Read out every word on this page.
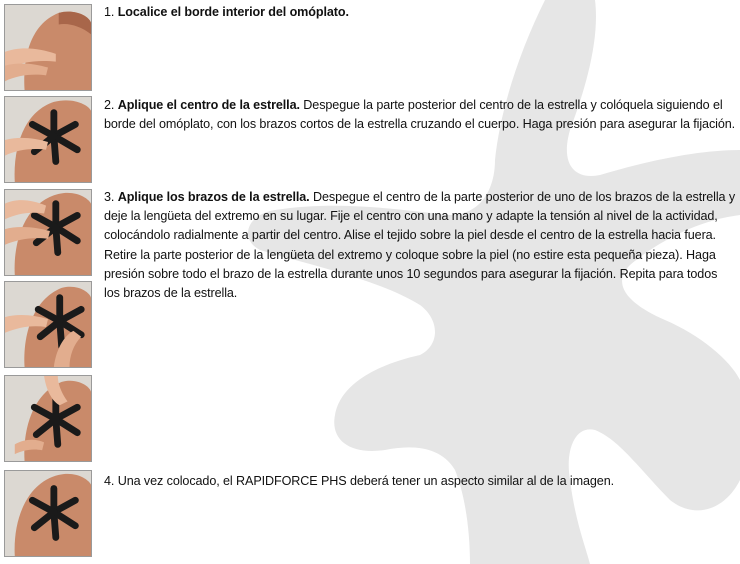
1. Localice el borde interior del omóplato.
2. Aplique el centro de la estrella. Despegue la parte posterior del centro de la estrella y colóquela siguiendo el borde del omóplato, con los brazos cortos de la estrella cruzando el cuerpo. Haga presión para asegurar la fijación.
3. Aplique los brazos de la estrella. Despegue el centro de la parte posterior de uno de los brazos de la estrella y deje la lengüeta del extremo en su lugar. Fije el centro con una mano y adapte la tensión al nivel de la actividad, colocándolo radialmente a partir del centro. Alise el tejido sobre la piel desde el centro de la estrella hacia fuera. Retire la parte posterior de la lengüeta del extremo y coloque sobre la piel (no estire esta pequeña pieza). Haga presión sobre todo el brazo de la estrella durante unos 10 segundos para asegurar la fijación. Repita para todos los brazos de la estrella.
4. Una vez colocado, el RAPIDFORCE PHS deberá tener un aspecto similar al de la imagen.
